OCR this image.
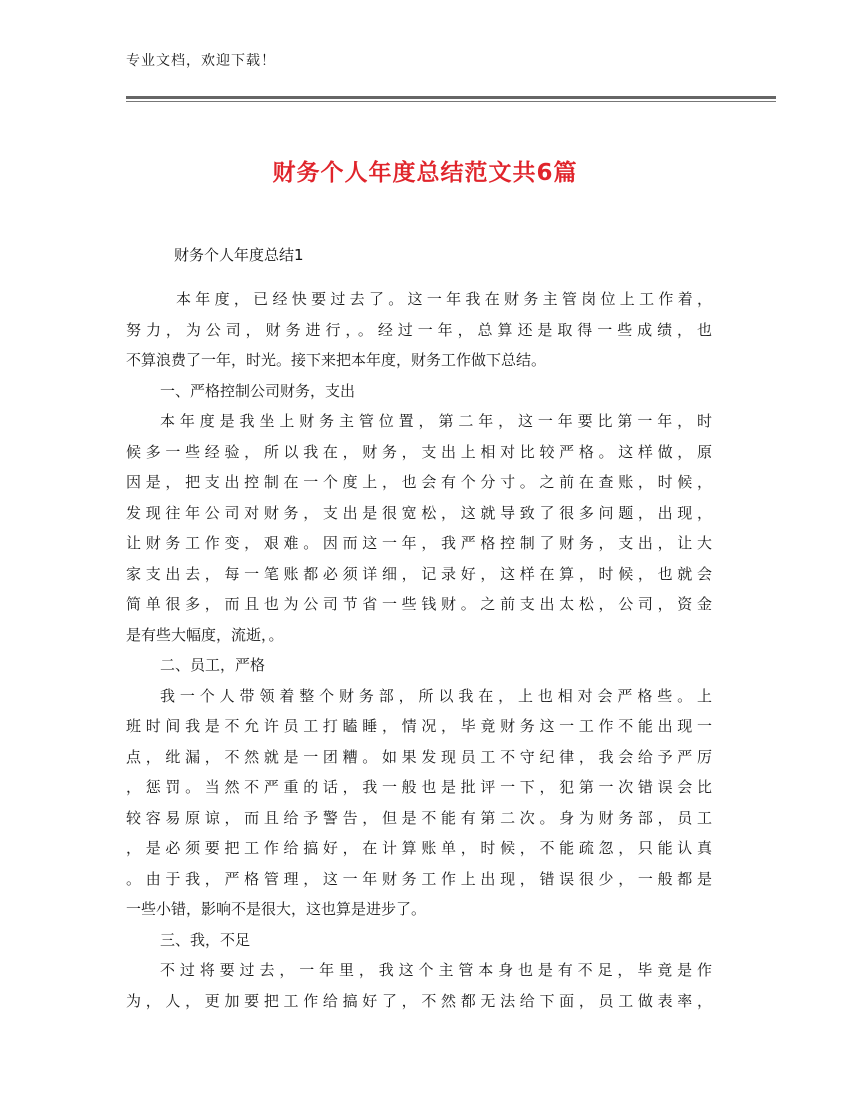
专业文档，欢迎下载！
财务个人年度总结范文共6篇
财务个人年度总结1
本年度，已经快要过去了。这一年我在财务主管岗位上工作着，
努力，为公司，财务进行，。经过一年，总算还是取得一些成绩，也
不算浪费了一年，时光。接下来把本年度，财务工作做下总结。
一、严格控制公司财务，支出
本年度是我坐上财务主管位置，第二年，这一年要比第一年，时
候多一些经验，所以我在，财务，支出上相对比较严格。这样做，原
因是，把支出控制在一个度上，也会有个分寸。之前在查账，时候，
发现往年公司对财务，支出是很宽松，这就导致了很多问题，出现，
让财务工作变，艰难。因而这一年，我严格控制了财务，支出，让大
家支出去，每一笔账都必须详细，记录好，这样在算，时候，也就会
简单很多，而且也为公司节省一些钱财。之前支出太松，公司，资金
是有些大幅度，流逝，。
二、员工，严格
我一个人带领着整个财务部，所以我在，上也相对会严格些。上
班时间我是不允许员工打瞌睡，情况，毕竟财务这一工作不能出现一
点，纰漏，不然就是一团糟。如果发现员工不守纪律，我会给予严厉
，惩罚。当然不严重的话，我一般也是批评一下，犯第一次错误会比
较容易原谅，而且给予警告，但是不能有第二次。身为财务部，员工
，是必须要把工作给搞好，在计算账单，时候，不能疏忽，只能认真
。由于我，严格管理，这一年财务工作上出现，错误很少，一般都是
一些小错，影响不是很大，这也算是进步了。
三、我，不足
不过将要过去，一年里，我这个主管本身也是有不足，毕竟是作
为，人，更加要把工作给搞好了，不然都无法给下面，员工做表率，
